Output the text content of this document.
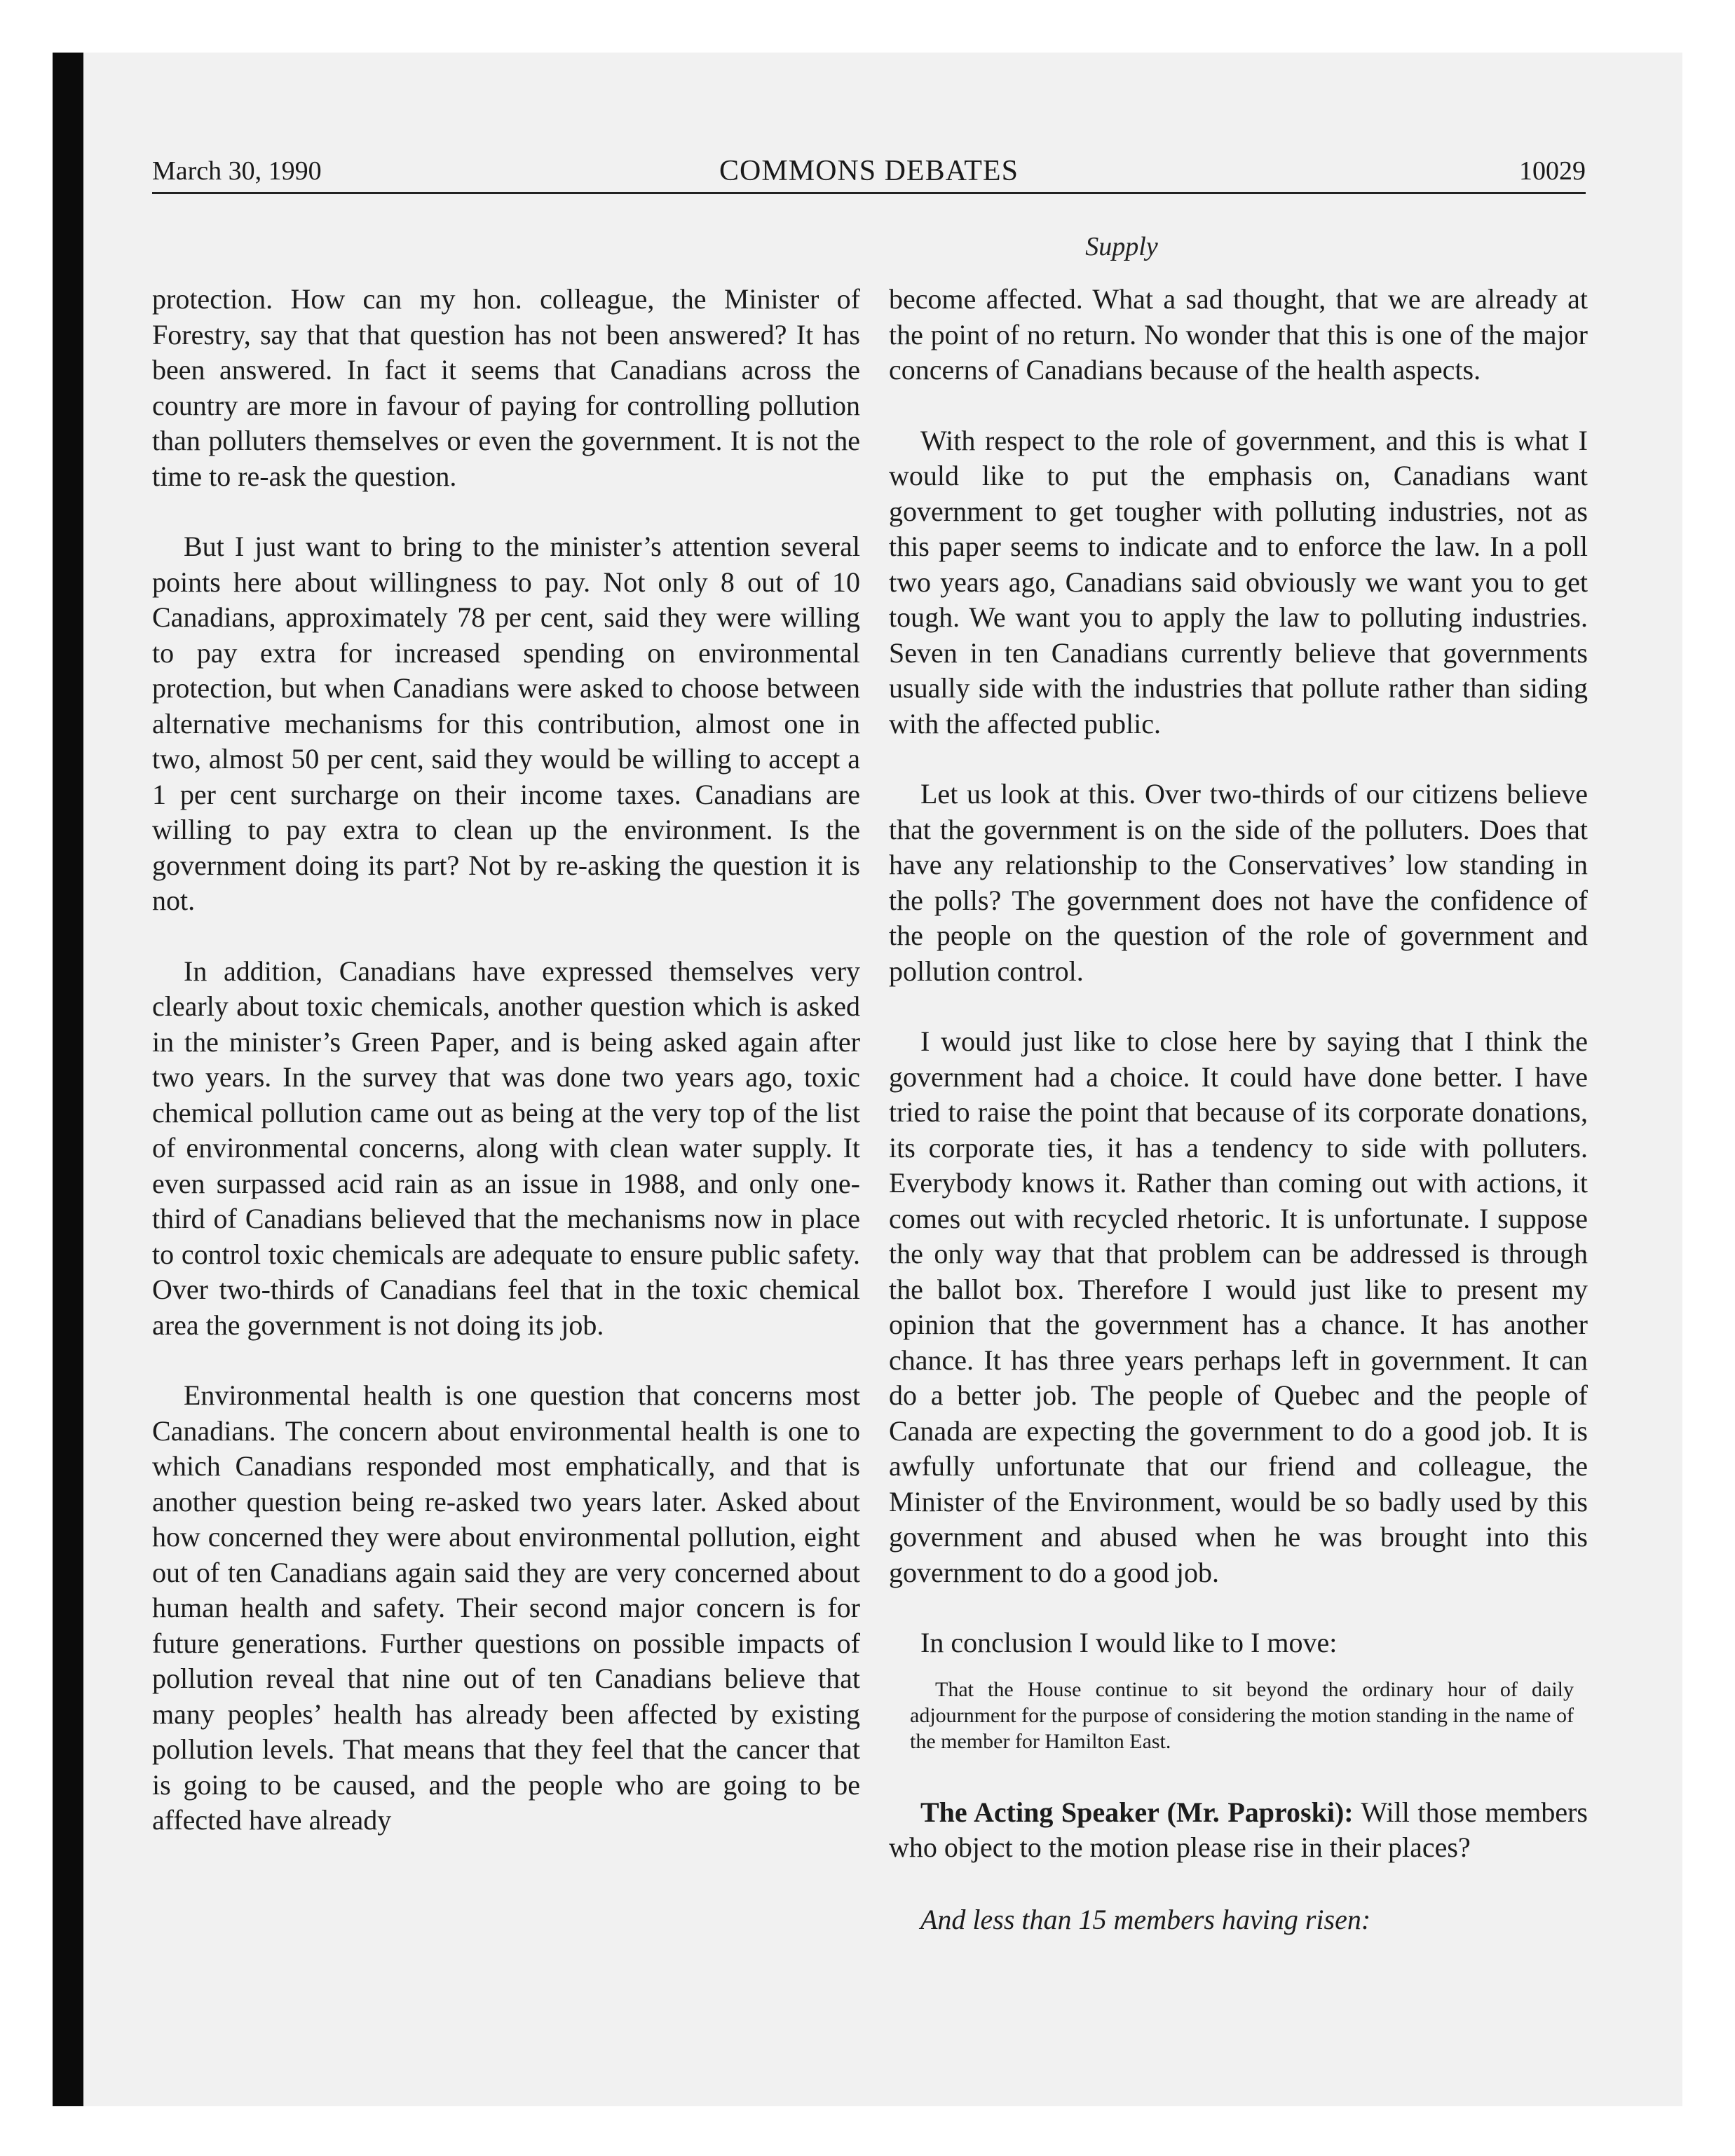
March 30, 1990	COMMONS DEBATES	10029
Supply

protection. How can my hon. colleague, the Minister of Forestry, say that that question has not been answered? It has been answered. In fact it seems that Canadians across the country are more in favour of paying for controlling pollution than polluters themselves or even the government. It is not the time to re-ask the question.

But I just want to bring to the minister’s attention several points here about willingness to pay. Not only 8 out of 10 Canadians, approximately 78 per cent, said they were willing to pay extra for increased spending on environmental protection, but when Canadians were asked to choose between alternative mechanisms for this contribution, almost one in two, almost 50 per cent, said they would be willing to accept a 1 per cent surcharge on their income taxes. Canadians are willing to pay extra to clean up the environment. Is the government doing its part? Not by re-asking the question it is not.

In addition, Canadians have expressed themselves very clearly about toxic chemicals, another question which is asked in the minister’s Green Paper, and is being asked again after two years. In the survey that was done two years ago, toxic chemical pollution came out as being at the very top of the list of environmental concerns, along with clean water supply. It even surpassed acid rain as an issue in 1988, and only one-third of Canadians believed that the mechanisms now in place to control toxic chemicals are adequate to ensure public safety. Over two-thirds of Canadians feel that in the toxic chemical area the government is not doing its job.

Environmental health is one question that concerns most Canadians. The concern about environmental health is one to which Canadians responded most emphatically, and that is another question being re-asked two years later. Asked about how concerned they were about environmental pollution, eight out of ten Canadians again said they are very concerned about human health and safety. Their second major concern is for future generations. Further questions on possible impacts of pollution reveal that nine out of ten Canadians believe that many peoples’ health has already been affected by existing pollution levels. That means that they feel that the cancer that is going to be caused, and the people who are going to be affected have already

become affected. What a sad thought, that we are already at the point of no return. No wonder that this is one of the major concerns of Canadians because of the health aspects.

With respect to the role of government, and this is what I would like to put the emphasis on, Canadians want government to get tougher with polluting industries, not as this paper seems to indicate and to enforce the law. In a poll two years ago, Canadians said obviously we want you to get tough. We want you to apply the law to polluting industries. Seven in ten Canadians currently believe that governments usually side with the industries that pollute rather than siding with the affected public.

Let us look at this. Over two-thirds of our citizens believe that the government is on the side of the polluters. Does that have any relationship to the Conservatives’ low standing in the polls? The government does not have the confidence of the people on the question of the role of government and pollution control.

I would just like to close here by saying that I think the government had a choice. It could have done better. I have tried to raise the point that because of its corporate donations, its corporate ties, it has a tendency to side with polluters. Everybody knows it. Rather than coming out with actions, it comes out with recycled rhetoric. It is unfortunate. I suppose the only way that that problem can be addressed is through the ballot box. Therefore I would just like to present my opinion that the government has a chance. It has another chance. It has three years perhaps left in government. It can do a better job. The people of Quebec and the people of Canada are expecting the government to do a good job. It is awfully unfortunate that our friend and colleague, the Minister of the Environment, would be so badly used by this government and abused when he was brought into this government to do a good job.

In conclusion I would like to I move:

That the House continue to sit beyond the ordinary hour of daily adjournment for the purpose of considering the motion standing in the name of the member for Hamilton East.

The Acting Speaker (Mr. Paproski): Will those members who object to the motion please rise in their places?

And less than 15 members having risen:
